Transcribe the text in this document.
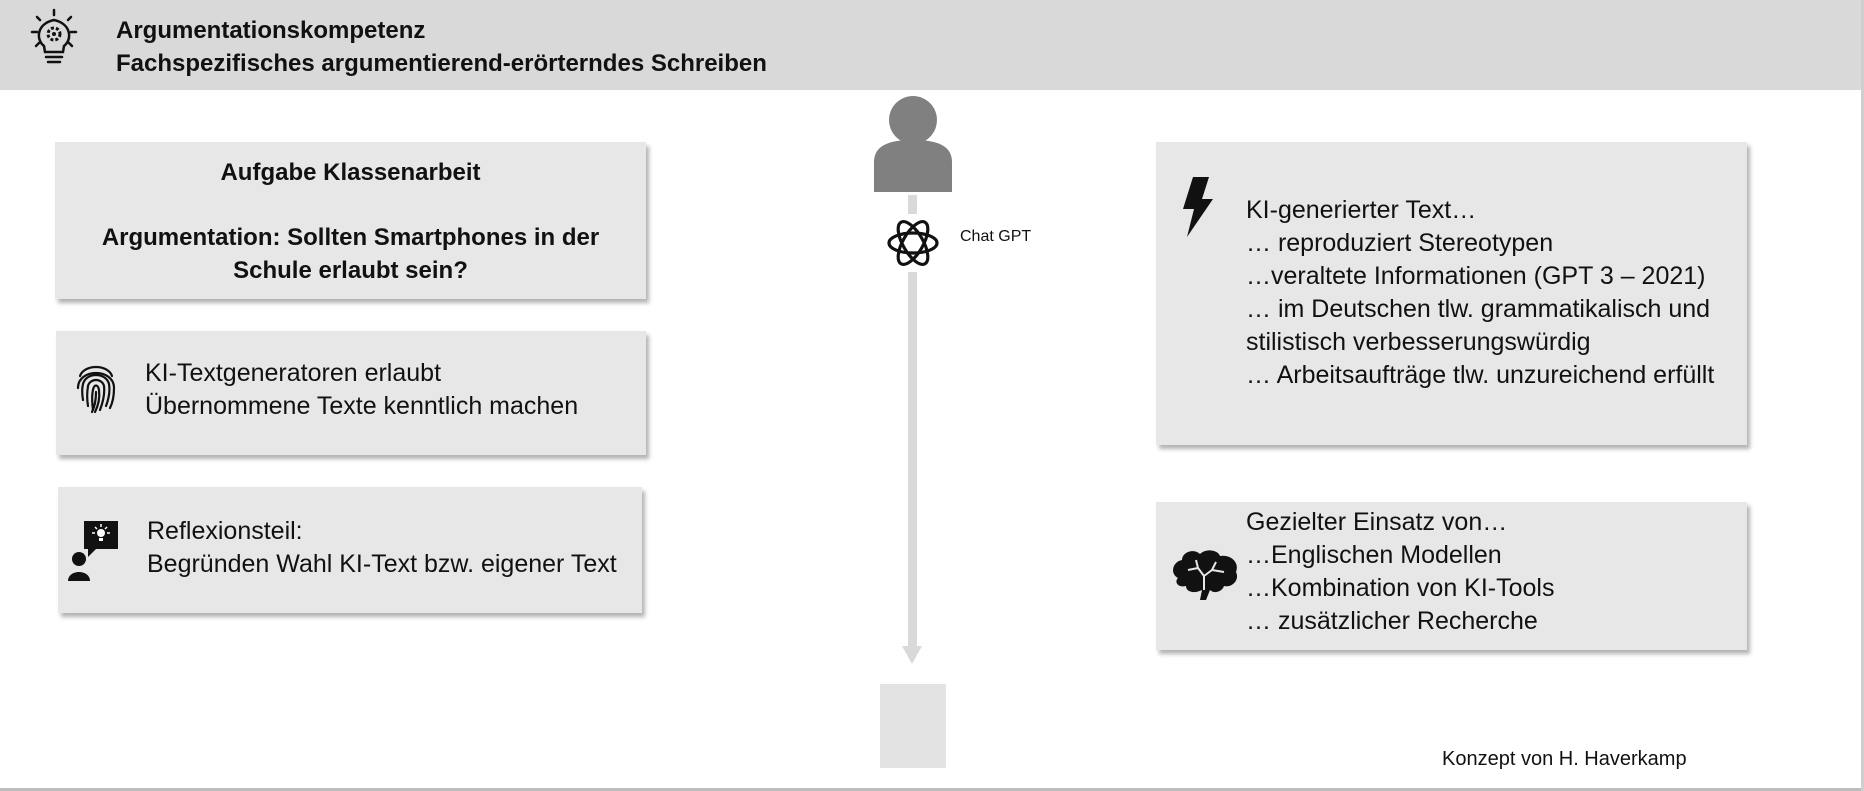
Argumentationskompetenz
Fachspezifisches argumentierend-erörterndes Schreiben
Aufgabe Klassenarbeit
Argumentation: Sollten Smartphones in der Schule erlaubt sein?
KI-Textgeneratoren erlaubt
Übernommene Texte kenntlich machen
Reflexionsteil:
Begründen Wahl KI-Text bzw. eigener Text
Chat GPT
KI-generierter Text…
… reproduziert Stereotypen
…veraltete Informationen (GPT 3 – 2021)
… im Deutschen tlw. grammatikalisch und
stilistisch verbesserungswürdig
… Arbeitsaufträge tlw. unzureichend erfüllt
Gezielter Einsatz von…
…Englischen Modellen
…Kombination von KI-Tools
… zusätzlicher Recherche
Konzept von H. Haverkamp
